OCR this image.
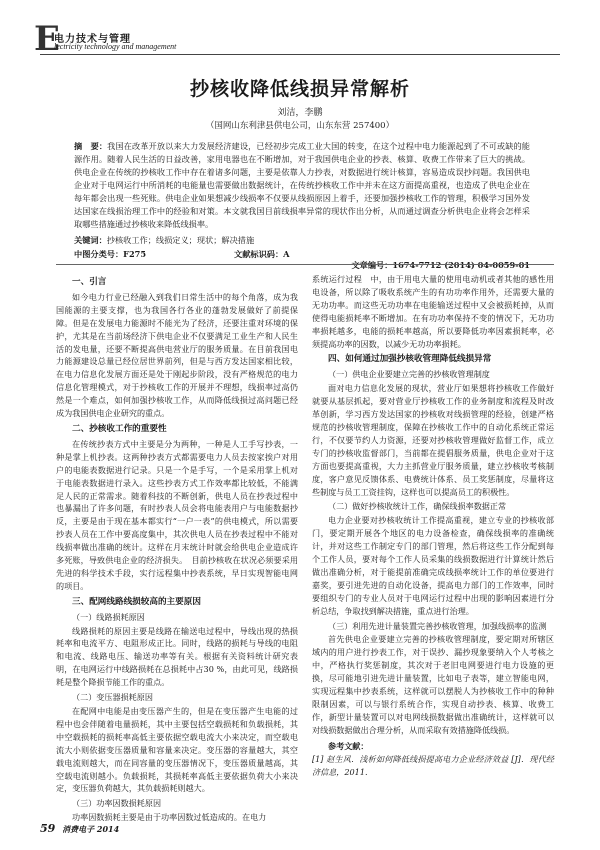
E
电力技术与管理
lectricity technology and management
抄核收降低线损异常解析
刘洁，李鹏
（国网山东利津县供电公司，山东东营 257400）
摘　要：我国在改革开放以来大力发展经济建设，已经初步完成工业大国的转变，在这个过程中电力能源起到了不可或缺的能源作用。随着人民生活的日益改善，家用电器也在不断增加，对于我国供电企业的抄表、核算、收费工作带来了巨大的挑战。供电企业在传统的抄核收工作中存在着诸多问题，主要是依靠人力抄表，对数据进行统计核算，容易造成误抄问题。我国供电企业对于电网运行中所消耗的电能量也需要做出数据统计，在传统抄核收工作中并未在这方面提高重视，也造成了供电企业在每年都会出现一些死账。供电企业如果想减少线损率不仅要从线损原因上着手，还要加强抄核收工作的管理，积极学习国外发达国家在线损治理工作中的经验和对策。本文就我国目前线损率异常的现状作出分析，从而通过调查分析供电企业将会怎样采取哪些措施通过抄核收来降低线损率。
关键词：抄核收工作；线损定义；现状；解决措施
中图分类号：F275	文献标识码：A
文章编号：1674-7712 (2014) 04-0059-01
一、引言

如今电力行业已经融入到我们日常生活中的每个角落，成为我国能源的主要支撑，也为我国各行各业的蓬勃发展做好了前提保障。但是在发展电力能源时不能光为了经济，还要注重对环境的保护，尤其是在当前场经济下供电企业不仅要满足工业生产和人民生活的发电量，还要不断提高供电营业厅的服务质量。在目前我国电力能源建设总量已经位居世界前列，但是与西方发达国家相比较，在电力信息化发展方面还是处于刚起步阶段，没有严格规范的电力信息化管理模式，对于抄核收工作的开展并不理想，线损率过高仍然是一个难点，如何加强抄核收工作，从而降低线损过高问题已经成为我国供电企业研究的重点。

二、抄核收工作的重要性

在传统抄表方式中主要是分为两种，一种是人工手写抄表，一种是掌上机抄表。这两种抄表方式都需要电力人员去按家挨户对用户的电能表数据进行记录。只是一个是手写，一个是采用掌上机对于电能表数据进行录入。这些抄表方式工作效率都比较低，不能满足人民的正常需求。随着科技的不断创新，供电人员在抄表过程中也暴漏出了许多问题，有时抄表人员会将电能表用户与电能数据抄反，主要是由于现在基本都实行“一户一表”的供电模式，所以需要抄表人员在工作中要高度集中，其次供电人员在抄表过程中不能对线损率做出准确的统计。这样在月末统计时就会给供电企业造成许多死账，导致供电企业的经济损失。　目前抄核收在状况必须要采用先进的科学技术手段，实行远程集中抄表系统，早日实现智能电网的项目。

三、配网线路线损较高的主要原因
（一）线路损耗原因

线路损耗的原因主要是线路在输送电过程中，导线出现的热损耗率和电流平方、电阻形成正比。同时，线路的损耗与导线的电阻和电流、线路电压、输送功率等有关。根据有关资料统计研究表明，在电网运行中线路损耗在总损耗中占30 %，由此可见，线路损耗是整个降损节能工作的重点。

（二）变压器损耗原因

在配网中电能是由变压器产生的，但是在变压器产生电能的过程中也会伴随着电量损耗，其中主要包括空载损耗和负载损耗，其中空载损耗的损耗率高低主要依据空载电流大小来决定，而空载电流大小则依据变压器质量和容量来决定。变压器的容量越大，其空载电流则越大，而在同容量的变压器情况下，变压器质量越高，其空载电流则越小。负载损耗，其损耗率高低主要依据负荷大小来决定，变压器负荷越大，其负载损耗则越大。

（三）功率因数损耗原因

功率因数损耗主要是由于功率因数过低造成的。在电力

系统运行过程　中，由于用电大量的使用电动机或者其他的感性用电设备，所以除了吸收系统产生的有功功率作用外，还需要大量的无功功率。而这些无功功率在电能输送过程中又会被损耗掉，从而使得电能损耗率不断增加。在有功功率保持不变的情况下，无功功率损耗越多，电能的损耗率越高，所以要降低功率因素损耗率，必须提高功率的因数，以减少无功功率损耗。

四、如何通过加强抄核收管理降低线损异常
（一）供电企业要建立完善的抄核收管理制度

面对电力信息化发展的现状，营业厅如果想将抄核收工作做好就要从基层抓起，要对营业厅抄核收工作的业务制度和流程及时改革创新，学习西方发达国家的抄核收对线损管理的经验，创建严格规范的抄核收管理制度，保障在抄核收工作中的自动化系统正常运行，不仅要节约人力资源，还要对抄核收管理做好监督工作，成立专门的抄核收监督部门，当前都在提倡服务质量，供电企业对于这方面也要提高重视，大力主抓营业厅服务质量，建立抄核收考核制度，客户意见反馈体系、电费统计体系、员工奖惩制度，尽量将这些制度与员工工资挂钩，这样也可以提高员工的积极性。

（二）做好抄核收统计工作，确保线损率数据正常

电力企业要对抄核收统计工作提高重视，建立专业的抄核收部门，要定期开展各个地区的电力设备检查，确保线损率的准确统计，并对这些工作制定专门的部门管理，然后将这些工作分配到每个工作人员，要对每个工作人员采集的线损数据进行计算统计然后做出准确分析，对于能提前准确完成线损率统计工作的单位要进行嘉奖，要引进先进的自动化设备，提高电力部门的工作效率，同时要组织专门的专业人员对于电网运行过程中出现的影响因素进行分析总结，争取找到解决措施，重点进行治理。

（三）利用先进计量装置完善抄核收管理，加强线损率的监测

首先供电企业要建立完善的抄核收管理制度，要定期对所辖区域内的用户进行抄表工作，对于误抄、漏抄现象要纳入个人考核之中，严格执行奖惩制度，其次对于老旧电网要进行电力设施的更换，尽可能地引进先进计量装置，比如电子表等，建立智能电网，实现远程集中抄表系统，这样就可以摆脱人为抄核收工作中的种种限制因素，可以与银行系统合作，实现自动抄表、核算、收费工作，新型计量装置可以对电网线损数据做出准确统计，这样就可以对线损数据做出合理分析，从而采取有效措施降低线损。

参考文献：

[1] 赵生风．浅析如何降低线损提高电力企业经济效益 [J]．现代经济信息，2011.

59 消费电子 2014
